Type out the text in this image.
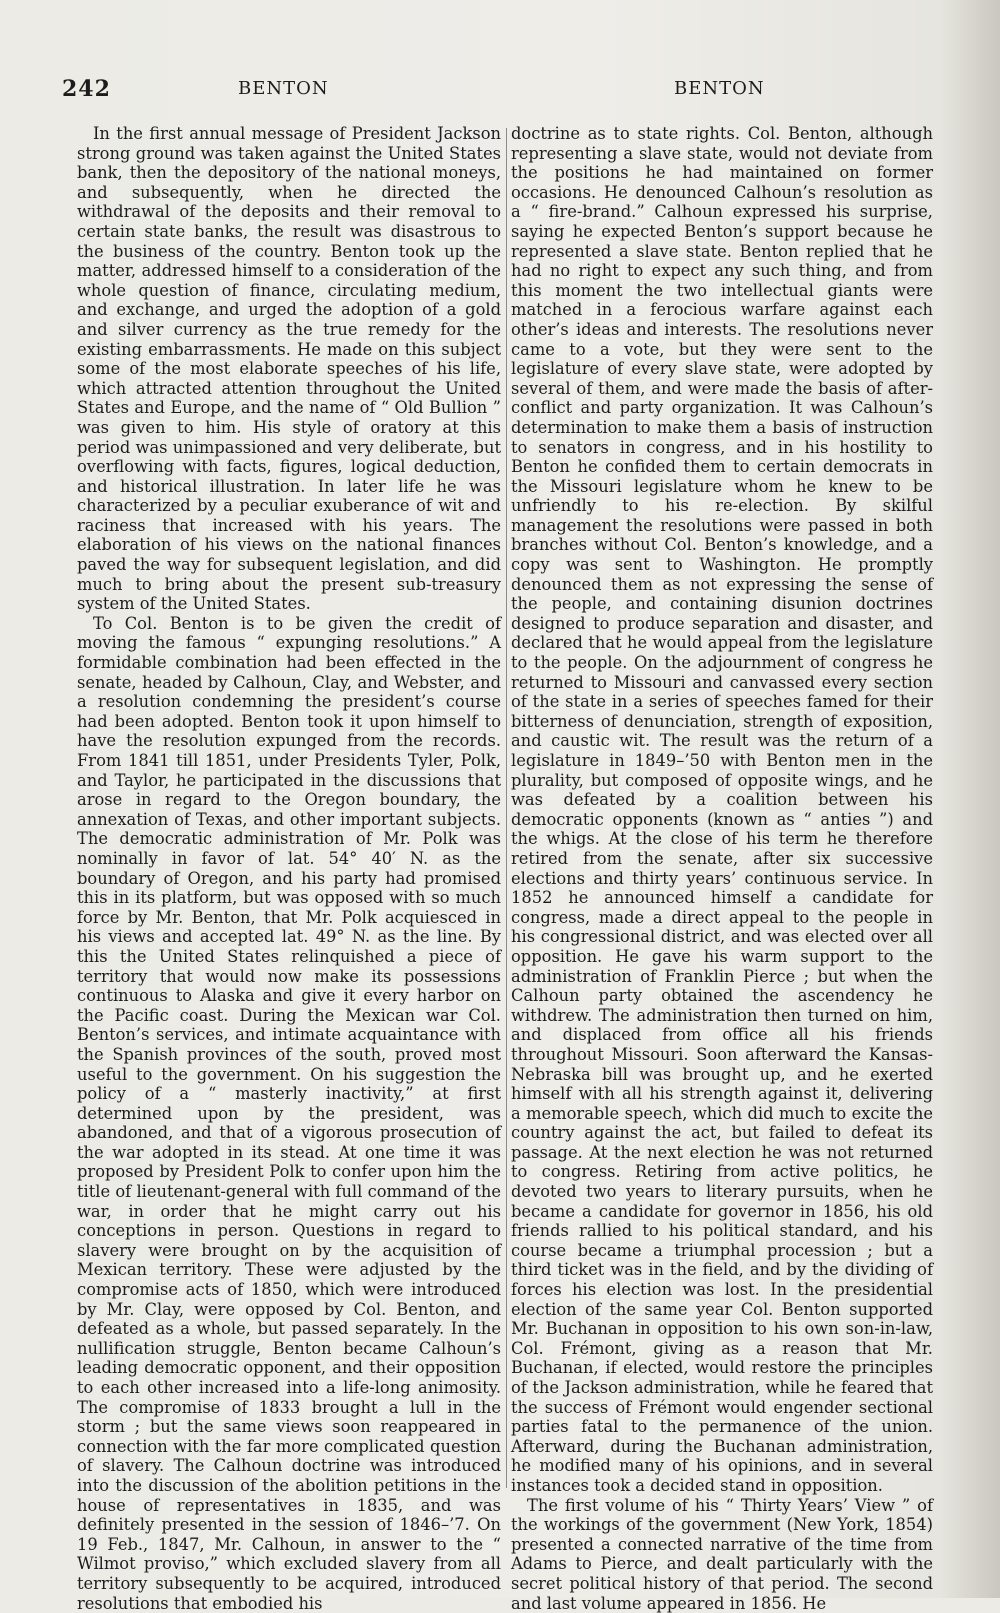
242	BENTON	BENTON

In the first annual message of President Jackson strong ground was taken against the United States bank, then the depository of the national moneys, and subsequently, when he directed the withdrawal of the deposits and their removal to certain state banks, the result was disastrous to the business of the country. Benton took up the matter, addressed himself to a consideration of the whole question of finance, circulating medium, and exchange, and urged the adoption of a gold and silver currency as the true remedy for the existing embarrassments. He made on this subject some of the most elaborate speeches of his life, which attracted attention throughout the United States and Europe, and the name of “ Old Bullion ” was given to him. His style of oratory at this period was unimpassioned and very deliberate, but overflowing with facts, figures, logical deduction, and historical illustration. In later life he was characterized by a peculiar exuberance of wit and raciness that increased with his years. The elaboration of his views on the national finances paved the way for subsequent legislation, and did much to bring about the present sub-treasury system of the United States.

To Col. Benton is to be given the credit of moving the famous “ expunging resolutions.” A formidable combination had been effected in the senate, headed by Calhoun, Clay, and Webster, and a resolution condemning the president’s course had been adopted. Benton took it upon himself to have the resolution expunged from the records. From 1841 till 1851, under Presidents Tyler, Polk, and Taylor, he participated in the discussions that arose in regard to the Oregon boundary, the annexation of Texas, and other important subjects. The democratic administration of Mr. Polk was nominally in favor of lat. 54° 40′ N. as the boundary of Oregon, and his party had promised this in its platform, but was opposed with so much force by Mr. Benton, that Mr. Polk acquiesced in his views and accepted lat. 49° N. as the line. By this the United States relinquished a piece of territory that would now make its possessions continuous to Alaska and give it every harbor on the Pacific coast. During the Mexican war Col. Benton’s services, and intimate acquaintance with the Spanish provinces of the south, proved most useful to the government. On his suggestion the policy of a “ masterly inactivity,” at first determined upon by the president, was abandoned, and that of a vigorous prosecution of the war adopted in its stead. At one time it was proposed by President Polk to confer upon him the title of lieutenant-general with full command of the war, in order that he might carry out his conceptions in person. Questions in regard to slavery were brought on by the acquisition of Mexican territory. These were adjusted by the compromise acts of 1850, which were introduced by Mr. Clay, were opposed by Col. Benton, and defeated as a whole, but passed separately. In the nullification struggle, Benton became Calhoun’s leading democratic opponent, and their opposition to each other increased into a life-long animosity. The compromise of 1833 brought a lull in the storm ; but the same views soon reappeared in connection with the far more complicated question of slavery. The Calhoun doctrine was introduced into the discussion of the abolition petitions in the house of representatives in 1835, and was definitely presented in the session of 1846–’7. On 19 Feb., 1847, Mr. Calhoun, in answer to the “ Wilmot proviso,” which excluded slavery from all territory subsequently to be acquired, introduced resolutions that embodied his

doctrine as to state rights. Col. Benton, although representing a slave state, would not deviate from the positions he had maintained on former occasions. He denounced Calhoun’s resolution as a “ fire-brand.” Calhoun expressed his surprise, saying he expected Benton’s support because he represented a slave state. Benton replied that he had no right to expect any such thing, and from this moment the two intellectual giants were matched in a ferocious warfare against each other’s ideas and interests. The resolutions never came to a vote, but they were sent to the legislature of every slave state, were adopted by several of them, and were made the basis of after-conflict and party organization. It was Calhoun’s determination to make them a basis of instruction to senators in congress, and in his hostility to Benton he confided them to certain democrats in the Missouri legislature whom he knew to be unfriendly to his re-election. By skilful management the resolutions were passed in both branches without Col. Benton’s knowledge, and a copy was sent to Washington. He promptly denounced them as not expressing the sense of the people, and containing disunion doctrines designed to produce separation and disaster, and declared that he would appeal from the legislature to the people. On the adjournment of congress he returned to Missouri and canvassed every section of the state in a series of speeches famed for their bitterness of denunciation, strength of exposition, and caustic wit. The result was the return of a legislature in 1849–’50 with Benton men in the plurality, but composed of opposite wings, and he was defeated by a coalition between his democratic opponents (known as “ anties ”) and the whigs. At the close of his term he therefore retired from the senate, after six successive elections and thirty years’ continuous service. In 1852 he announced himself a candidate for congress, made a direct appeal to the people in his congressional district, and was elected over all opposition. He gave his warm support to the administration of Franklin Pierce ; but when the Calhoun party obtained the ascendency he withdrew. The administration then turned on him, and displaced from office all his friends throughout Missouri. Soon afterward the Kansas-Nebraska bill was brought up, and he exerted himself with all his strength against it, delivering a memorable speech, which did much to excite the country against the act, but failed to defeat its passage. At the next election he was not returned to congress. Retiring from active politics, he devoted two years to literary pursuits, when he became a candidate for governor in 1856, his old friends rallied to his political standard, and his course became a triumphal procession ; but a third ticket was in the field, and by the dividing of forces his election was lost. In the presidential election of the same year Col. Benton supported Mr. Buchanan in opposition to his own son-in-law, Col. Frémont, giving as a reason that Mr. Buchanan, if elected, would restore the principles of the Jackson administration, while he feared that the success of Frémont would engender sectional parties fatal to the permanence of the union. Afterward, during the Buchanan administration, he modified many of his opinions, and in several instances took a decided stand in opposition.

The first volume of his “ Thirty Years’ View ” of the workings of the government (New York, 1854) presented a connected narrative of the time from Adams to Pierce, and dealt particularly with the secret political history of that period. The second and last volume appeared in 1856. He
